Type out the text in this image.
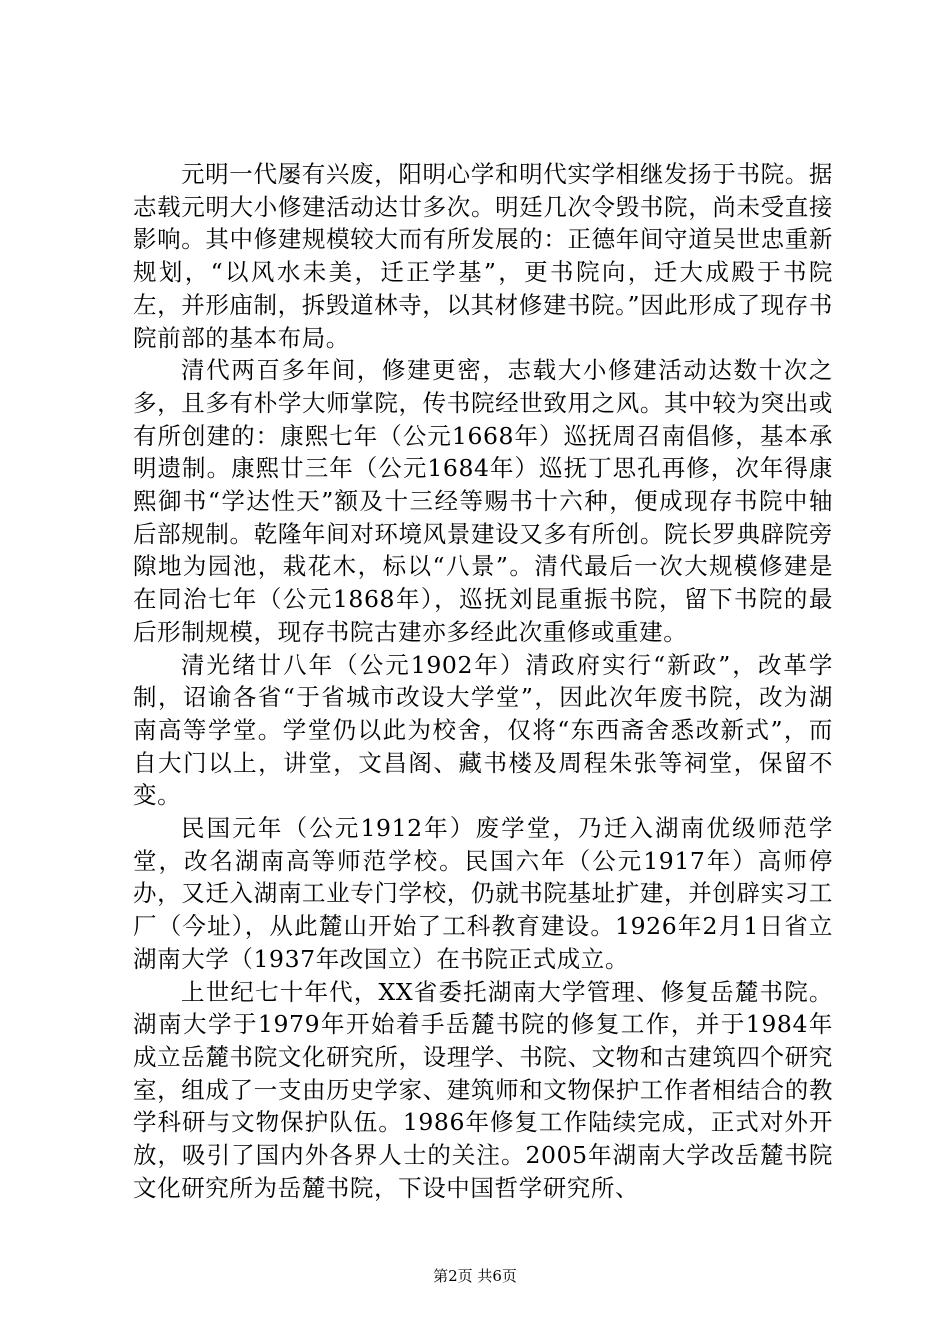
元明一代屡有兴废，阳明心学和明代实学相继发扬于书院。据志载元明大小修建活动达廿多次。明廷几次令毁书院，尚未受直接影响。其中修建规模较大而有所发展的：正德年间守道吴世忠重新规划，“以风水未美，迁正学基”，更书院向，迁大成殿于书院左，并形庙制，拆毁道林寺，以其材修建书院。”因此形成了现存书院前部的基本布局。

清代两百多年间，修建更密，志载大小修建活动达数十次之多，且多有朴学大师掌院，传书院经世致用之风。其中较为突出或有所创建的：康熙七年（公元1668年）巡抚周召南倡修，基本承明遗制。康熙廿三年（公元1684年）巡抚丁思孔再修，次年得康熙御书“学达性天”额及十三经等赐书十六种，便成现存书院中轴后部规制。乾隆年间对环境风景建设又多有所创。院长罗典辟院旁隙地为园池，栽花木，标以“八景”。清代最后一次大规模修建是在同治七年（公元1868年），巡抚刘昆重振书院，留下书院的最后形制规模，现存书院古建亦多经此次重修或重建。

清光绪廿八年（公元1902年）清政府实行“新政”，改革学制，诏谕各省“于省城市改设大学堂”，因此次年废书院，改为湖南高等学堂。学堂仍以此为校舍，仅将“东西斋舍悉改新式”，而自大门以上，讲堂，文昌阁、藏书楼及周程朱张等祠堂，保留不变。

民国元年（公元1912年）废学堂，乃迁入湖南优级师范学堂，改名湖南高等师范学校。民国六年（公元1917年）高师停办，又迁入湖南工业专门学校，仍就书院基址扩建，并创辟实习工厂（今址），从此麓山开始了工科教育建设。1926年2月1日省立湖南大学（1937年改国立）在书院正式成立。

上世纪七十年代，XX省委托湖南大学管理、修复岳麓书院。湖南大学于1979年开始着手岳麓书院的修复工作，并于1984年成立岳麓书院文化研究所，设理学、书院、文物和古建筑四个研究室，组成了一支由历史学家、建筑师和文物保护工作者相结合的教学科研与文物保护队伍。1986年修复工作陆续完成，正式对外开放，吸引了国内外各界人士的关注。2005年湖南大学改岳麓书院文化研究所为岳麓书院，下设中国哲学研究所、

第2页 共6页
